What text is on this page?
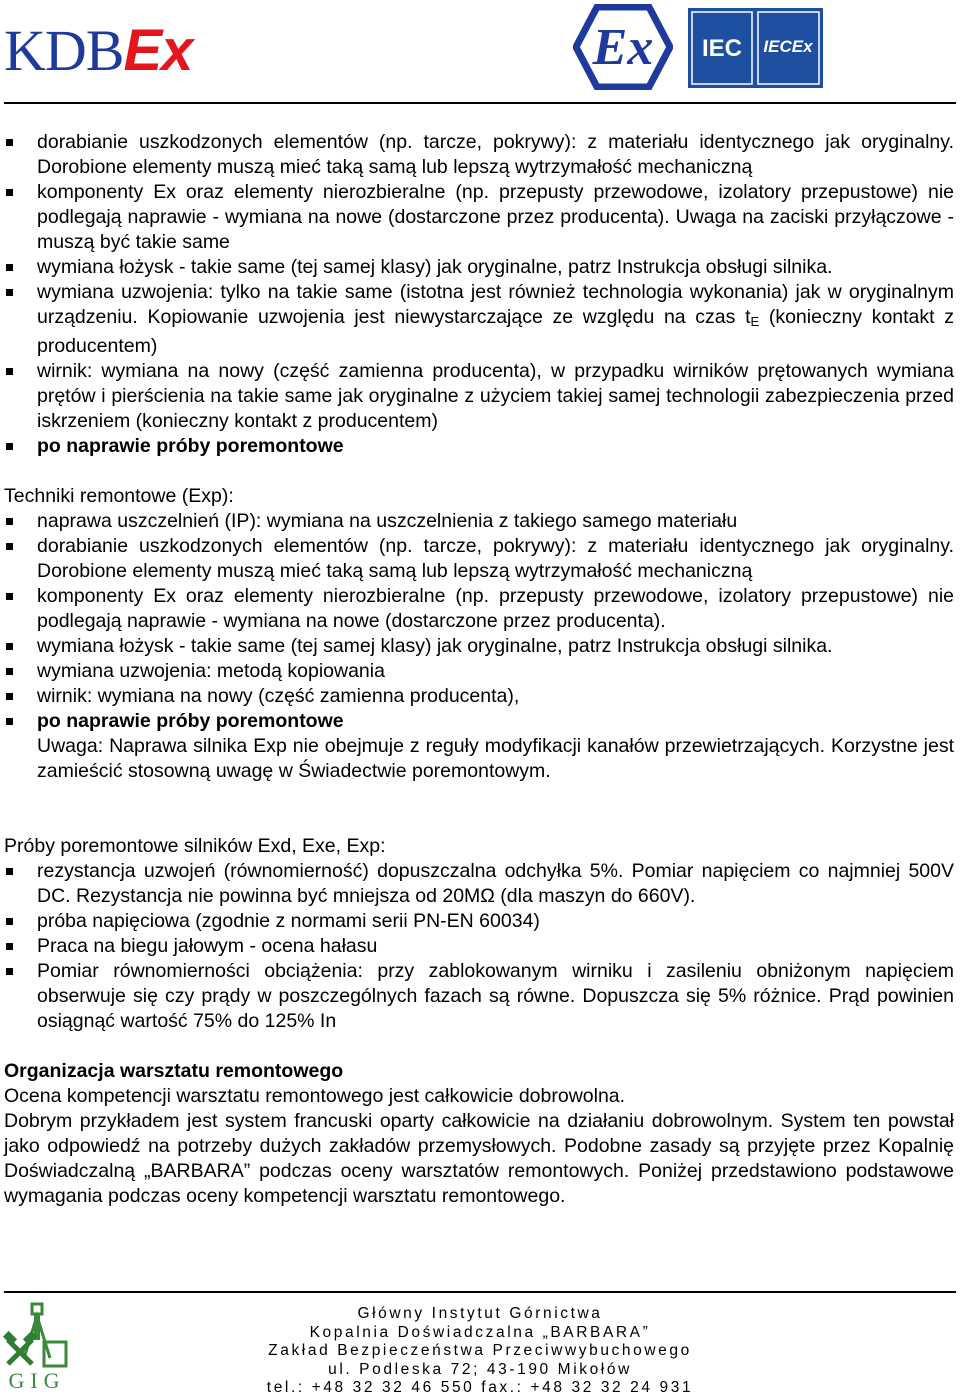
KDBEx	Ex IEC IECEx
dorabianie uszkodzonych elementów (np. tarcze, pokrywy): z materiału identycznego jak oryginalny. Dorobione elementy muszą mieć taką samą lub lepszą wytrzymałość mechaniczną
komponenty Ex oraz elementy nierozbieralne (np. przepusty przewodowe, izolatory przepustowe) nie podlegają naprawie - wymiana na nowe (dostarczone przez producenta). Uwaga na zaciski przyłączowe - muszą być takie same
wymiana łożysk - takie same (tej samej klasy) jak oryginalne, patrz Instrukcja obsługi silnika.
wymiana uzwojenia: tylko na takie same (istotna jest również technologia wykonania) jak w oryginalnym urządzeniu. Kopiowanie uzwojenia jest niewystarczające ze względu na czas $t_E$ (konieczny kontakt z producentem)
wirnik: wymiana na nowy (część zamienna producenta), w przypadku wirników prętowanych wymiana prętów i pierścienia na takie same jak oryginalne z użyciem takiej samej technologii zabezpieczenia przed iskrzeniem (konieczny kontakt z producentem)
po naprawie próby poremontowe

Techniki remontowe (Exp):

naprawa uszczelnień (IP): wymiana na uszczelnienia z takiego samego materiału
dorabianie uszkodzonych elementów (np. tarcze, pokrywy): z materiału identycznego jak oryginalny. Dorobione elementy muszą mieć taką samą lub lepszą wytrzymałość mechaniczną
komponenty Ex oraz elementy nierozbieralne (np. przepusty przewodowe, izolatory przepustowe) nie podlegają naprawie - wymiana na nowe (dostarczone przez producenta).
wymiana łożysk - takie same (tej samej klasy) jak oryginalne, patrz Instrukcja obsługi silnika.
wymiana uzwojenia: metodą kopiowania
wirnik: wymiana na nowy (część zamienna producenta),
po naprawie próby poremontowe

Uwaga: Naprawa silnika Exp nie obejmuje z reguły modyfikacji kanałów przewietrzających. Korzystne jest zamieścić stosowną uwagę w Świadectwie poremontowym.

Próby poremontowe silników Exd, Exe, Exp:

rezystancja uzwojeń (równomierność) dopuszczalna odchyłka 5%. Pomiar napięciem co najmniej 500V DC. Rezystancja nie powinna być mniejsza od 20MΩ (dla maszyn do 660V).
próba napięciowa (zgodnie z normami serii PN-EN 60034)
Praca na biegu jałowym - ocena hałasu
Pomiar równomierności obciążenia: przy zablokowanym wirniku i zasileniu obniżonym napięciem obserwuje się czy prądy w poszczególnych fazach są równe. Dopuszcza się 5% różnice. Prąd powinien osiągnąć wartość 75% do 125% In

Organizacja warsztatu remontowego

Ocena kompetencji warsztatu remontowego jest całkowicie dobrowolna.

Dobrym przykładem jest system francuski oparty całkowicie na działaniu dobrowolnym. System ten powstał jako odpowiedź na potrzeby dużych zakładów przemysłowych. Podobne zasady są przyjęte przez Kopalnię Doświadczalną „BARBARA” podczas oceny warsztatów remontowych. Poniżej przedstawiono podstawowe wymagania podczas oceny kompetencji warsztatu remontowego.

GIG
Główny Instytut Górnictwa
Kopalnia Doświadczalna „BARBARA”
Zakład Bezpieczeństwa Przeciwwybuchowego
ul. Podleska 72; 43-190 Mikołów
tel.: +48 32 32 46 550 fax.: +48 32 32 24 931
